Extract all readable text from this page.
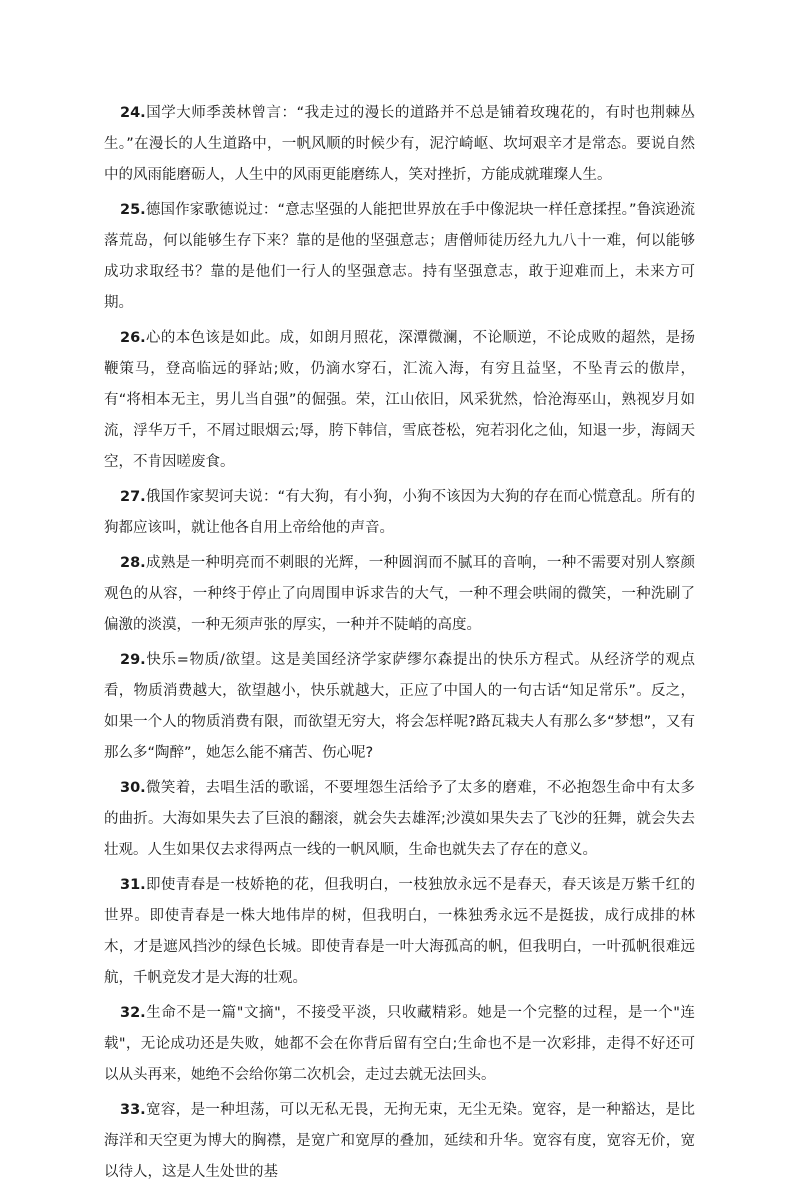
24.国学大师季羡林曾言：“我走过的漫长的道路并不总是铺着玫瑰花的，有时也荆棘丛生。”在漫长的人生道路中，一帆风顺的时候少有，泥泞崎岖、坎坷艰辛才是常态。要说自然中的风雨能磨砺人，人生中的风雨更能磨练人，笑对挫折，方能成就璀璨人生。

25.德国作家歌德说过：“意志坚强的人能把世界放在手中像泥块一样任意揉捏。”鲁滨逊流落荒岛，何以能够生存下来？靠的是他的坚强意志；唐僧师徒历经九九八十一难，何以能够成功求取经书？靠的是他们一行人的坚强意志。持有坚强意志，敢于迎难而上，未来方可期。

26.心的本色该是如此。成，如朗月照花，深潭微澜，不论顺逆，不论成败的超然，是扬鞭策马，登高临远的驿站;败，仍滴水穿石，汇流入海，有穷且益坚，不坠青云的傲岸，有“将相本无主，男儿当自强”的倔强。荣，江山依旧，风采犹然，恰沧海巫山，熟视岁月如流，浮华万千，不屑过眼烟云;辱，胯下韩信，雪底苍松，宛若羽化之仙，知退一步，海阔天空，不肯因嗟废食。

27.俄国作家契诃夫说：“有大狗，有小狗，小狗不该因为大狗的存在而心慌意乱。所有的狗都应该叫，就让他各自用上帝给他的声音。

28.成熟是一种明亮而不刺眼的光辉，一种圆润而不腻耳的音响，一种不需要对别人察颜观色的从容，一种终于停止了向周围申诉求告的大气，一种不理会哄闹的微笑，一种洗刷了偏激的淡漠，一种无须声张的厚实，一种并不陡峭的高度。

29.快乐=物质/欲望。这是美国经济学家萨缪尔森提出的快乐方程式。从经济学的观点看，物质消费越大，欲望越小，快乐就越大，正应了中国人的一句古话“知足常乐”。反之，如果一个人的物质消费有限，而欲望无穷大，将会怎样呢?路瓦栽夫人有那么多“梦想”，又有那么多“陶醉”，她怎么能不痛苦、伤心呢?

30.微笑着，去唱生活的歌谣，不要埋怨生活给予了太多的磨难，不必抱怨生命中有太多的曲折。大海如果失去了巨浪的翻滚，就会失去雄浑;沙漠如果失去了飞沙的狂舞，就会失去壮观。人生如果仅去求得两点一线的一帆风顺，生命也就失去了存在的意义。

31.即使青春是一枝娇艳的花，但我明白，一枝独放永远不是春天，春天该是万紫千红的世界。即使青春是一株大地伟岸的树，但我明白，一株独秀永远不是挺拔，成行成排的林木，才是遮风挡沙的绿色长城。即使青春是一叶大海孤高的帆，但我明白，一叶孤帆很难远航，千帆竞发才是大海的壮观。

32.生命不是一篇"文摘"，不接受平淡，只收藏精彩。她是一个完整的过程，是一个"连载"，无论成功还是失败，她都不会在你背后留有空白;生命也不是一次彩排，走得不好还可以从头再来，她绝不会给你第二次机会，走过去就无法回头。

33.宽容，是一种坦荡，可以无私无畏，无拘无束，无尘无染。宽容，是一种豁达，是比海洋和天空更为博大的胸襟，是宽广和宽厚的叠加，延续和升华。宽容有度，宽容无价，宽以待人，这是人生处世的基
